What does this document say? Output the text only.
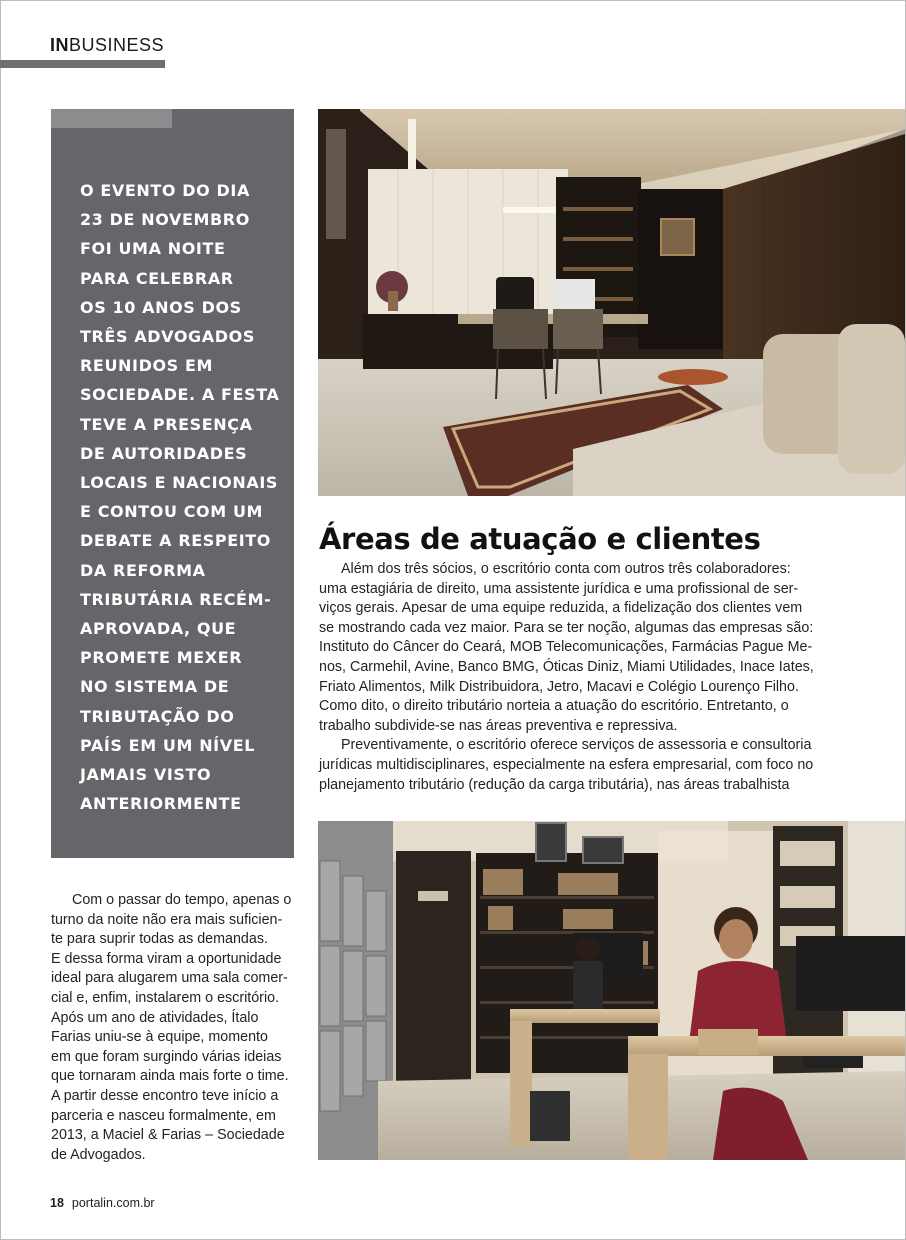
INBUSINESS

O EVENTO DO DIA
23 DE NOVEMBRO
FOI UMA NOITE
PARA CELEBRAR
OS 10 ANOS DOS
TRÊS ADVOGADOS
REUNIDOS EM
SOCIEDADE. A FESTA
TEVE A PRESENÇA
DE AUTORIDADES
LOCAIS E NACIONAIS
E CONTOU COM UM
DEBATE A RESPEITO
DA REFORMA
TRIBUTÁRIA RECÉM-
APROVADA, QUE
PROMETE MEXER
NO SISTEMA DE
TRIBUTAÇÃO DO
PAÍS EM UM NÍVEL
JAMAIS VISTO
ANTERIORMENTE

Áreas de atuação e clientes
Além dos três sócios, o escritório conta com outros três colaboradores:
uma estagiária de direito, uma assistente jurídica e uma profissional de ser-
viços gerais. Apesar de uma equipe reduzida, a fidelização dos clientes vem
se mostrando cada vez maior. Para se ter noção, algumas das empresas são:
Instituto do Câncer do Ceará, MOB Telecomunicações, Farmácias Pague Me-
nos, Carmehil, Avine, Banco BMG, Óticas Diniz, Miami Utilidades, Inace Iates,
Friato Alimentos, Milk Distribuidora, Jetro, Macavi e Colégio Lourenço Filho.
Como dito, o direito tributário norteia a atuação do escritório. Entretanto, o
trabalho subdivide-se nas áreas preventiva e repressiva.
Preventivamente, o escritório oferece serviços de assessoria e consultoria
jurídicas multidisciplinares, especialmente na esfera empresarial, com foco no
planejamento tributário (redução da carga tributária), nas áreas trabalhista
Com o passar do tempo, apenas o
turno da noite não era mais suficien-
te para suprir todas as demandas.
E dessa forma viram a oportunidade
ideal para alugarem uma sala comer-
cial e, enfim, instalarem o escritório.
Após um ano de atividades, Ítalo
Farias uniu-se à equipe, momento
em que foram surgindo várias ideias
que tornaram ainda mais forte o time.
A partir desse encontro teve início a
parceria e nasceu formalmente, em
2013, a Maciel & Farias – Sociedade
de Advogados.
18 portalin.com.br
